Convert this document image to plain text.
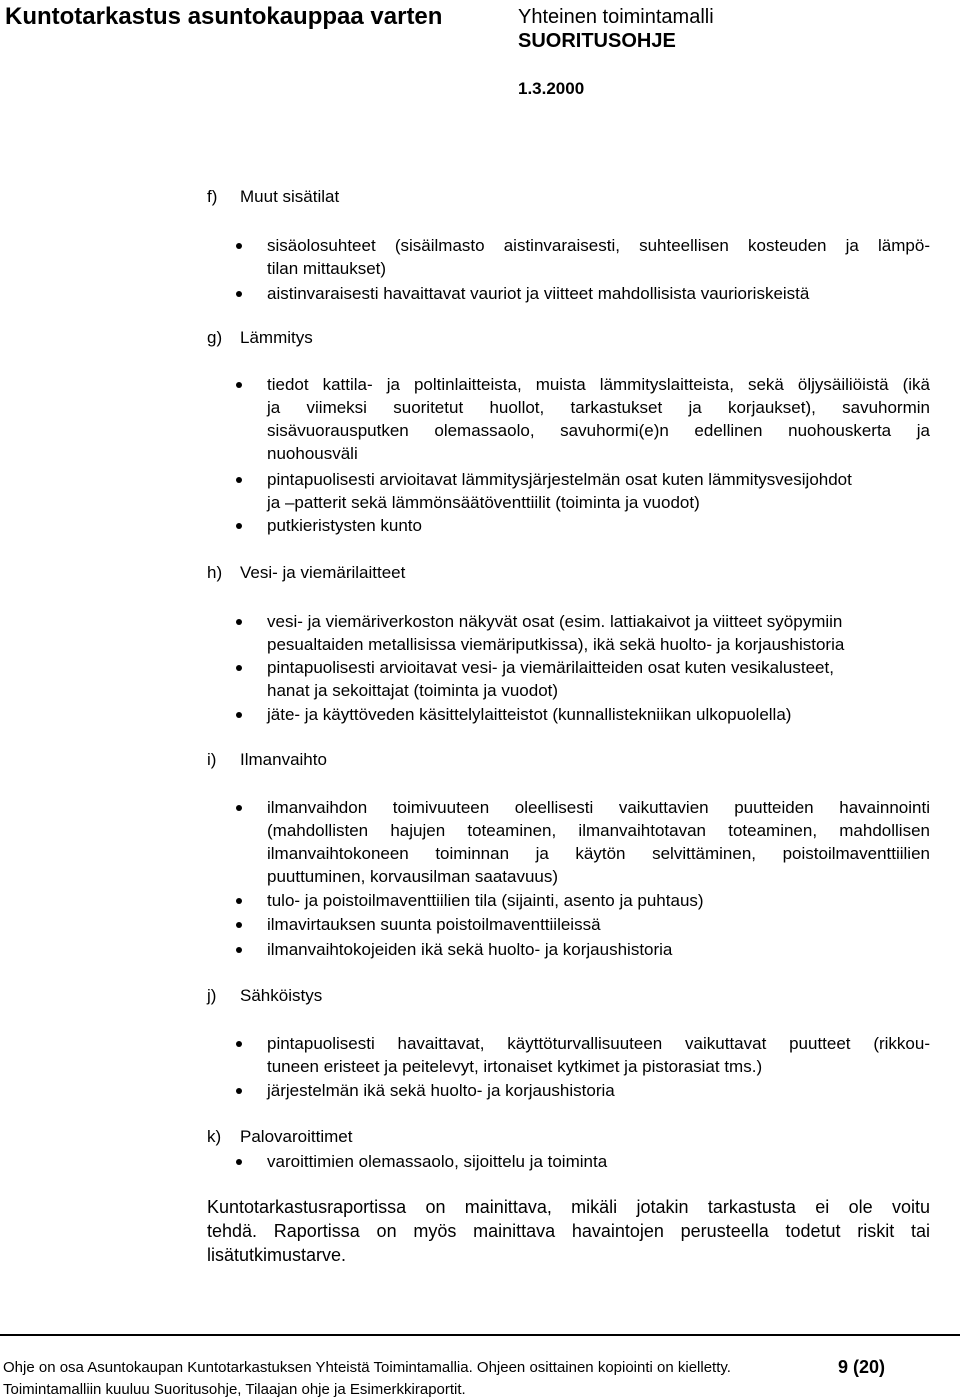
Kuntotarkastus asuntokauppaa varten	Yhteinen toimintamalli
SUORITUSOHJE
1.3.2000
f) Muut sisätilat
sisäolosuhteet (sisäilmasto aistinvaraisesti, suhteellisen kosteuden ja lämpö-
tilan mittaukset)
aistinvaraisesti havaittavat vauriot ja viitteet mahdollisista vaurioriskeistä
g) Lämmitys
tiedot kattila- ja poltinlaitteista, muista lämmityslaitteista, sekä öljysäiliöistä (ikä
ja viimeksi suoritetut huollot, tarkastukset ja korjaukset), savuhormin
sisävuorausputken olemassaolo, savuhormi(e)n edellinen nuohouskerta ja
nuohousväli
pintapuolisesti arvioitavat lämmitysjärjestelmän osat kuten lämmitysvesijohdot
ja –patterit sekä lämmönsäätöventtiilit (toiminta ja vuodot)
putkieristysten kunto
h) Vesi- ja viemärilaitteet
vesi- ja viemäriverkoston näkyvät osat (esim. lattiakaivot ja viitteet syöpymiin
pesualtaiden metallisissa viemäriputkissa), ikä sekä huolto- ja korjaushistoria
pintapuolisesti arvioitavat vesi- ja viemärilaitteiden osat kuten vesikalusteet,
hanat ja sekoittajat (toiminta ja vuodot)
jäte- ja käyttöveden käsittelylaitteistot (kunnallistekniikan ulkopuolella)
i) Ilmanvaihto
ilmanvaihdon toimivuuteen oleellisesti vaikuttavien puutteiden havainnointi
(mahdollisten hajujen toteaminen, ilmanvaihtotavan toteaminen, mahdollisen
ilmanvaihtokoneen toiminnan ja käytön selvittäminen, poistoilmaventtiilien
puuttuminen, korvausilman saatavuus)
tulo- ja poistoilmaventtiilien tila (sijainti, asento ja puhtaus)
ilmavirtauksen suunta poistoilmaventtiileissä
ilmanvaihtokojeiden ikä sekä huolto- ja korjaushistoria
j) Sähköistys
pintapuolisesti havaittavat, käyttöturvallisuuteen vaikuttavat puutteet (rikkou-
tuneen eristeet ja peitelevyt, irtonaiset kytkimet ja pistorasiat tms.)
järjestelmän ikä sekä huolto- ja korjaushistoria
k) Palovaroittimet
varoittimien olemassaolo, sijoittelu ja toiminta
Kuntotarkastusraportissa on mainittava, mikäli jotakin tarkastusta ei ole voitu
tehdä. Raportissa on myös mainittava havaintojen perusteella todetut riskit tai
lisätutkimustarve.
Ohje on osa Asuntokaupan Kuntotarkastuksen Yhteistä Toimintamallia. Ohjeen osittainen kopiointi on kielletty.
Toimintamalliin kuuluu Suoritusohje, Tilaajan ohje ja Esimerkkiraportit.
9 (20)
